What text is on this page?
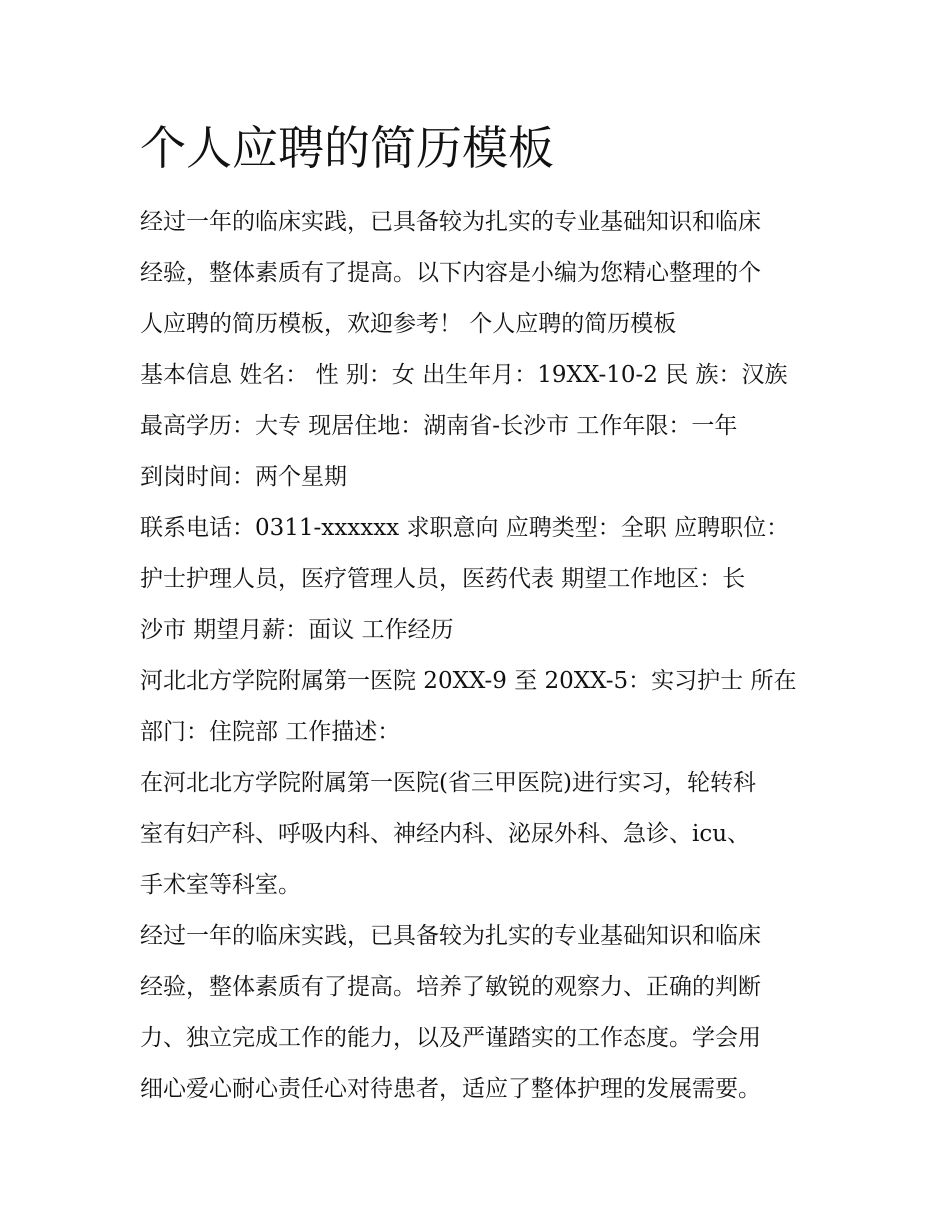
个人应聘的简历模板
经过一年的临床实践，已具备较为扎实的专业基础知识和临床
经验，整体素质有了提高。以下内容是小编为您精心整理的个
人应聘的简历模板，欢迎参考！ 个人应聘的简历模板
基本信息 姓名： 性 别：女 出生年月：19XX-10-2 民 族：汉族
最高学历：大专 现居住地：湖南省-长沙市 工作年限：一年
到岗时间：两个星期
联系电话：0311-xxxxxx 求职意向 应聘类型：全职 应聘职位：
护士护理人员，医疗管理人员，医药代表 期望工作地区：长
沙市 期望月薪：面议 工作经历
河北北方学院附属第一医院 20XX-9 至 20XX-5：实习护士 所在
部门：住院部 工作描述：
在河北北方学院附属第一医院(省三甲医院)进行实习，轮转科
室有妇产科、呼吸内科、神经内科、泌尿外科、急诊、icu、
手术室等科室。
经过一年的临床实践，已具备较为扎实的专业基础知识和临床
经验，整体素质有了提高。培养了敏锐的观察力、正确的判断
力、独立完成工作的能力，以及严谨踏实的工作态度。学会用
细心爱心耐心责任心对待患者，适应了整体护理的发展需要。
